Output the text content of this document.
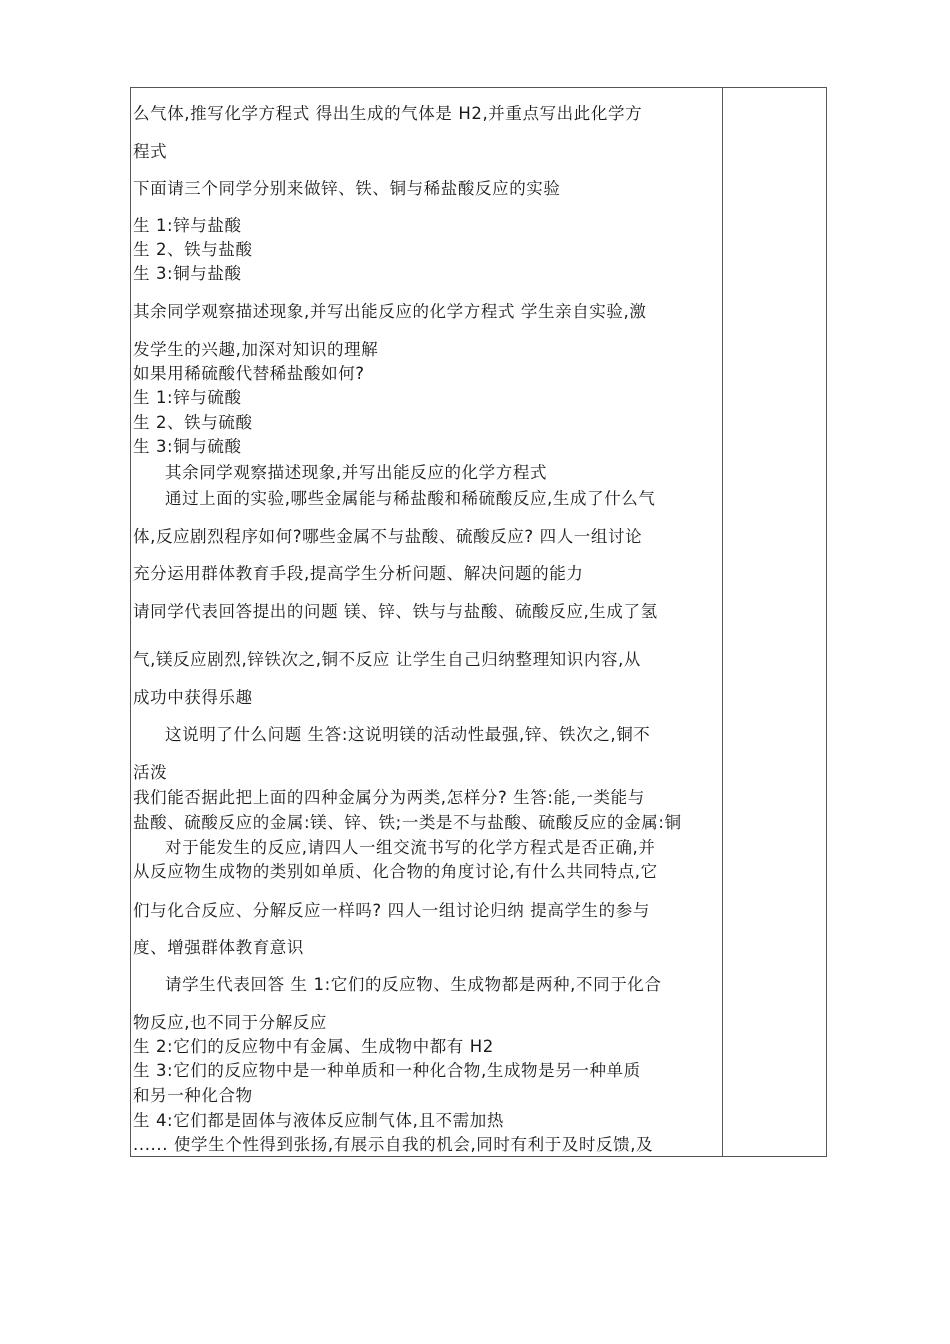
么气体,推写化学方程式 得出生成的气体是 H2,并重点写出此化学方
程式
下面请三个同学分别来做锌、铁、铜与稀盐酸反应的实验
生 1:锌与盐酸
生 2、铁与盐酸
生 3:铜与盐酸
其余同学观察描述现象,并写出能反应的化学方程式 学生亲自实验,激
发学生的兴趣,加深对知识的理解
如果用稀硫酸代替稀盐酸如何?
生 1:锌与硫酸
生 2、铁与硫酸
生 3:铜与硫酸
其余同学观察描述现象,并写出能反应的化学方程式
通过上面的实验,哪些金属能与稀盐酸和稀硫酸反应,生成了什么气
体,反应剧烈程序如何?哪些金属不与盐酸、硫酸反应? 四人一组讨论
充分运用群体教育手段,提高学生分析问题、解决问题的能力
请同学代表回答提出的问题 镁、锌、铁与与盐酸、硫酸反应,生成了氢
气,镁反应剧烈,锌铁次之,铜不反应 让学生自己归纳整理知识内容,从
成功中获得乐趣
这说明了什么问题 生答:这说明镁的活动性最强,锌、铁次之,铜不
活泼
我们能否据此把上面的四种金属分为两类,怎样分? 生答:能,一类能与
盐酸、硫酸反应的金属:镁、锌、铁;一类是不与盐酸、硫酸反应的金属:铜
对于能发生的反应,请四人一组交流书写的化学方程式是否正确,并
从反应物生成物的类别如单质、化合物的角度讨论,有什么共同特点,它
们与化合反应、分解反应一样吗? 四人一组讨论归纳 提高学生的参与
度、增强群体教育意识
请学生代表回答 生 1:它们的反应物、生成物都是两种,不同于化合
物反应,也不同于分解反应
生 2:它们的反应物中有金属、生成物中都有 H2
生 3:它们的反应物中是一种单质和一种化合物,生成物是另一种单质
和另一种化合物
生 4:它们都是固体与液体反应制气体,且不需加热
...... 使学生个性得到张扬,有展示自我的机会,同时有利于及时反馈,及
